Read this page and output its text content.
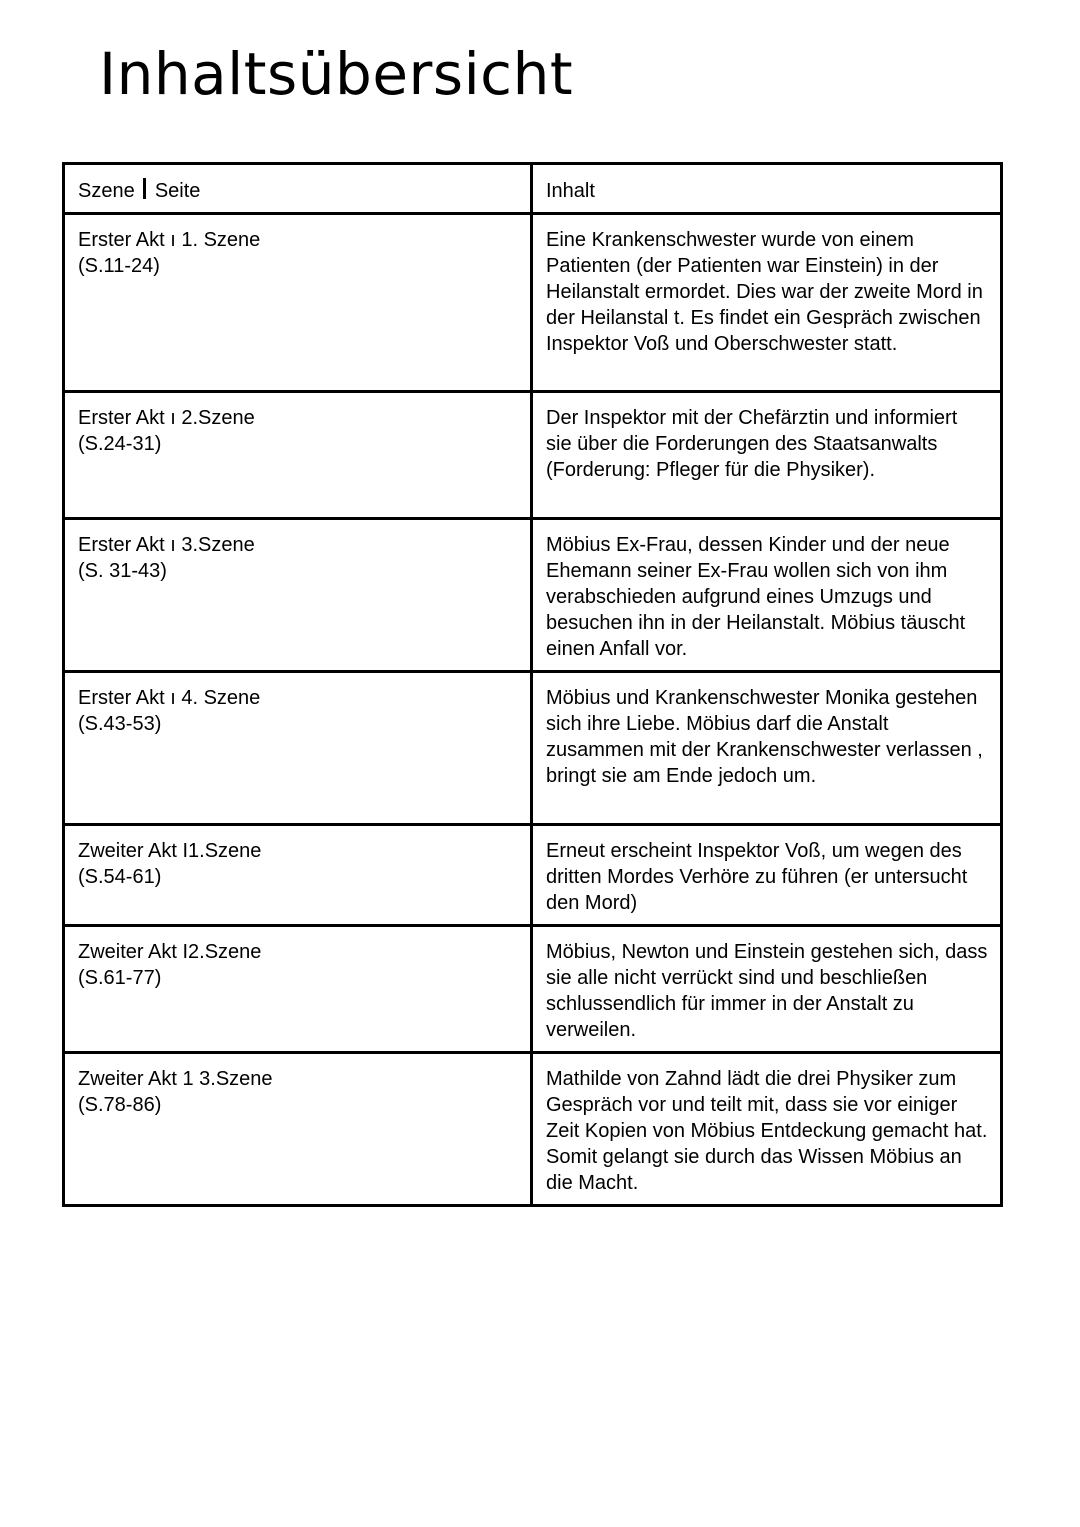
Inhaltsübersicht
Szene Seite	Inhalt

Erster Akt ı 1. Szene
(S.11-24)	Eine Krankenschwester wurde von einem Patienten (der Patienten war Einstein) in der Heilanstalt ermordet. Dies war der zweite Mord in der Heilanstal t. Es findet ein Gespräch zwischen Inspektor Voß und Oberschwester statt.

Erster Akt ı 2.Szene
(S.24-31)	Der Inspektor mit der Chefärztin und informiert sie über die Forderungen des Staatsanwalts (Forderung: Pfleger für die Physiker).

Erster Akt ı 3.Szene
(S. 31-43)	Möbius Ex-Frau, dessen Kinder und der neue Ehemann seiner Ex-Frau wollen sich von ihm verabschieden aufgrund eines Umzugs und besuchen ihn in der Heilanstalt. Möbius täuscht einen Anfall vor.

Erster Akt ı 4. Szene
(S.43-53)	Möbius und Krankenschwester Monika gestehen sich ihre Liebe. Möbius darf die Anstalt zusammen mit der Krankenschwester verlassen , bringt sie am Ende jedoch um.

Zweiter Akt I1.Szene
(S.54-61)	Erneut erscheint Inspektor Voß, um wegen des dritten Mordes Verhöre zu führen (er untersucht den Mord)

Zweiter Akt I2.Szene
(S.61-77)	Möbius, Newton und Einstein gestehen sich, dass sie alle nicht verrückt sind und beschließen schlussendlich für immer in der Anstalt zu verweilen.

Zweiter Akt 1 3.Szene
(S.78-86)	Mathilde von Zahnd lädt die drei Physiker zum Gespräch vor und teilt mit, dass sie vor einiger Zeit Kopien von Möbius Entdeckung gemacht hat. Somit gelangt sie durch das Wissen Möbius an die Macht.
